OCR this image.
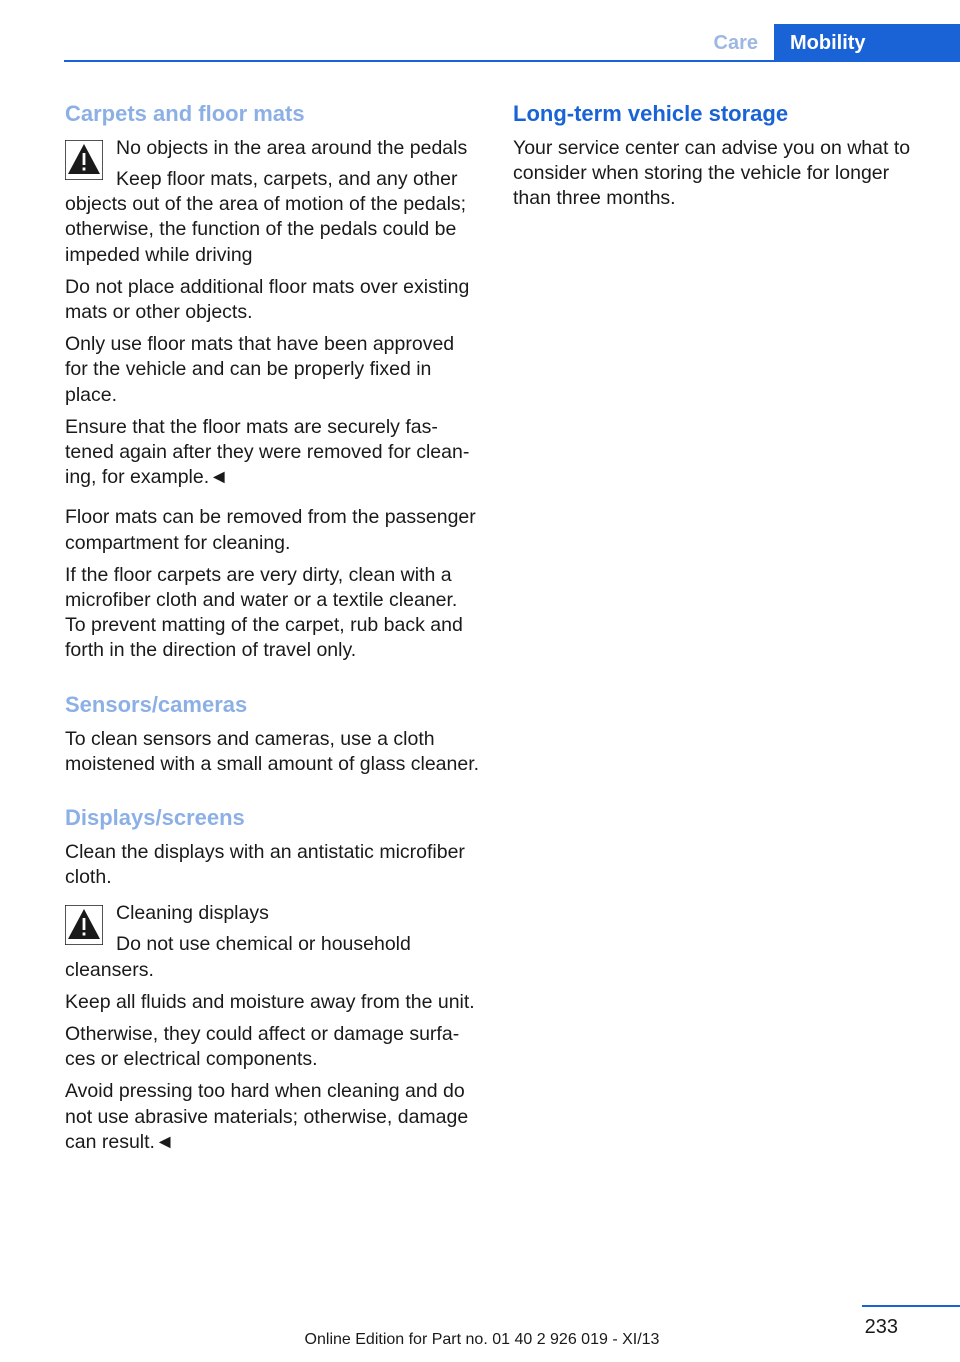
Care	Mobility
Carpets and floor mats
No objects in the area around the pedals

Keep floor mats, carpets, and any other objects out of the area of motion of the pedals; otherwise, the function of the pedals could be impeded while driving

Do not place additional floor mats over existing mats or other objects.

Only use floor mats that have been approved for the vehicle and can be properly fixed in place.

Ensure that the floor mats are securely fastened again after they were removed for cleaning, for example.◄

Floor mats can be removed from the passenger compartment for cleaning.

If the floor carpets are very dirty, clean with a microfiber cloth and water or a textile cleaner. To prevent matting of the carpet, rub back and forth in the direction of travel only.

Sensors/cameras

To clean sensors and cameras, use a cloth moistened with a small amount of glass cleaner.

Displays/screens

Clean the displays with an antistatic microfiber cloth.

Cleaning displays

Do not use chemical or household cleansers.

Keep all fluids and moisture away from the unit.

Otherwise, they could affect or damage surfaces or electrical components.

Avoid pressing too hard when cleaning and do not use abrasive materials; otherwise, damage can result.◄

Long-term vehicle storage

Your service center can advise you on what to consider when storing the vehicle for longer than three months.

233
Online Edition for Part no. 01 40 2 926 019 - XI/13
